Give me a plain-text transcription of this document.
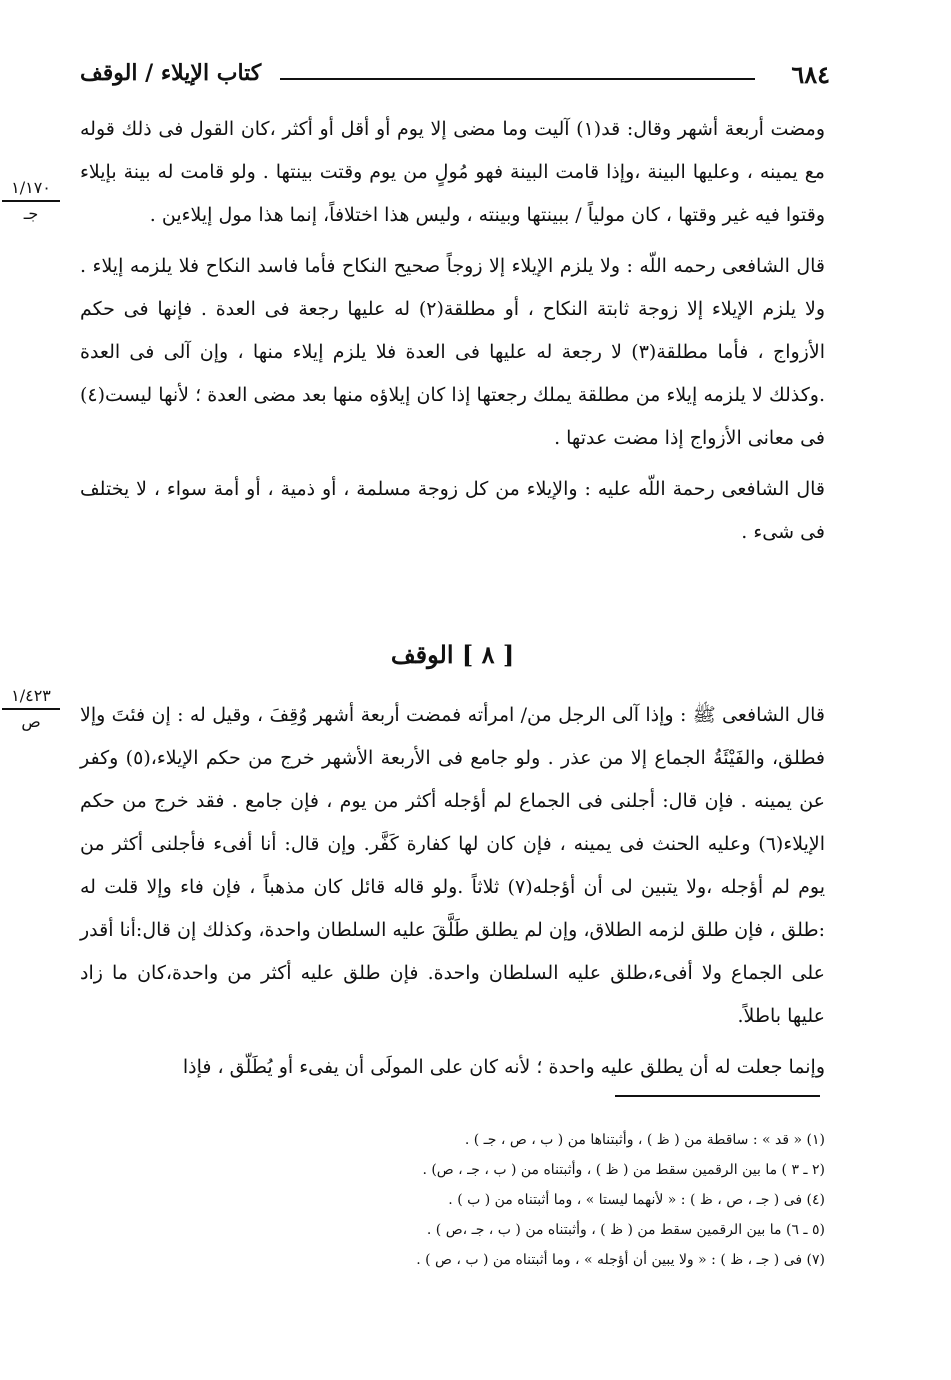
٦٨٤
كتاب الإيلاء / الوقف
١/١٧٠
جـ
١/٤٢٣
ص

ومضت أربعة أشهر وقال: قد(١) آليت وما مضى إلا يوم أو أقل أو أكثر ،كان القول فى ذلك قوله مع يمينه ، وعليها البينة ،وإذا قامت البينة فهو مُولٍ من يوم وقتت بينتها . ولو قامت له بينة بإيلاء وقتوا فيه غير وقتها ، كان مولياً / ببينتها وبينته ، وليس هذا اختلافاً، إنما هذا مول إيلاءين .

قال الشافعى رحمه اللّه : ولا يلزم الإيلاء إلا زوجاً صحيح النكاح فأما فاسد النكاح فلا يلزمه إيلاء . ولا يلزم الإيلاء إلا زوجة ثابتة النكاح ، أو مطلقة(٢) له عليها رجعة فى العدة . فإنها فى حكم الأزواج ، فأما مطلقة(٣) لا رجعة له عليها فى العدة فلا يلزم إيلاء منها ، وإن آلى فى العدة .وكذلك لا يلزمه إيلاء من مطلقة يملك رجعتها إذا كان إيلاؤه منها بعد مضى العدة ؛ لأنها ليست(٤) فى معانى الأزواج إذا مضت عدتها .

قال الشافعى رحمة اللّه عليه : والإيلاء من كل زوجة مسلمة ، أو ذمية ، أو أمة سواء ، لا يختلف فى شىء .

[ ٨ ] الوقف

قال الشافعى ﷺ : وإذا آلى الرجل من/ امرأته فمضت أربعة أشهر وُقِفَ ، وقيل له : إن فئتَ وإلا فطلق، والفَيْئَةُ الجماع إلا من عذر . ولو جامع فى الأربعة الأشهر خرج من حكم الإيلاء،(٥) وكفر عن يمينه . فإن قال: أجلنى فى الجماع لم أؤجله أكثر من يوم ، فإن جامع . فقد خرج من حكم الإيلاء(٦) وعليه الحنث فى يمينه ، فإن كان لها كفارة كَفَّر. وإن قال: أنا أفىء فأجلنى أكثر من يوم لم أؤجله ،ولا يتبين لى أن أؤجله(٧) ثلاثاً .ولو قاله قائل كان مذهباً ، فإن فاء وإلا قلت له :طلق ، فإن طلق لزمه الطلاق، وإن لم يطلق طَلَّقَ عليه السلطان واحدة، وكذلك إن قال:أنا أقدر على الجماع ولا أفىء،طلق عليه السلطان واحدة. فإن طلق عليه أكثر من واحدة،كان ما زاد عليها باطلاً.

وإنما جعلت له أن يطلق عليه واحدة ؛ لأنه كان على المولَى أن يفىء أو يُطَلّق ، فإذا

(١) « قد » : ساقطة من ( ظ ) ، وأثبتناها من ( ب ، ص ، جـ ) .
(٢ ـ ٣ ) ما بين الرقمين سقط من ( ظ ) ، وأثبتناه من ( ب ، جـ ، ص) .
(٤) فى ( جـ ، ص ، ظ ) : « لأنهما ليستا » ، وما أثبتناه من ( ب ) .
(٥ ـ ٦) ما بين الرقمين سقط من ( ظ ) ، وأثبتناه من ( ب ، جـ ،ص ) .
(٧) فى ( جـ ، ظ ) : « ولا يبين أن أؤجله » ، وما أثبتناه من ( ب ، ص ) .
